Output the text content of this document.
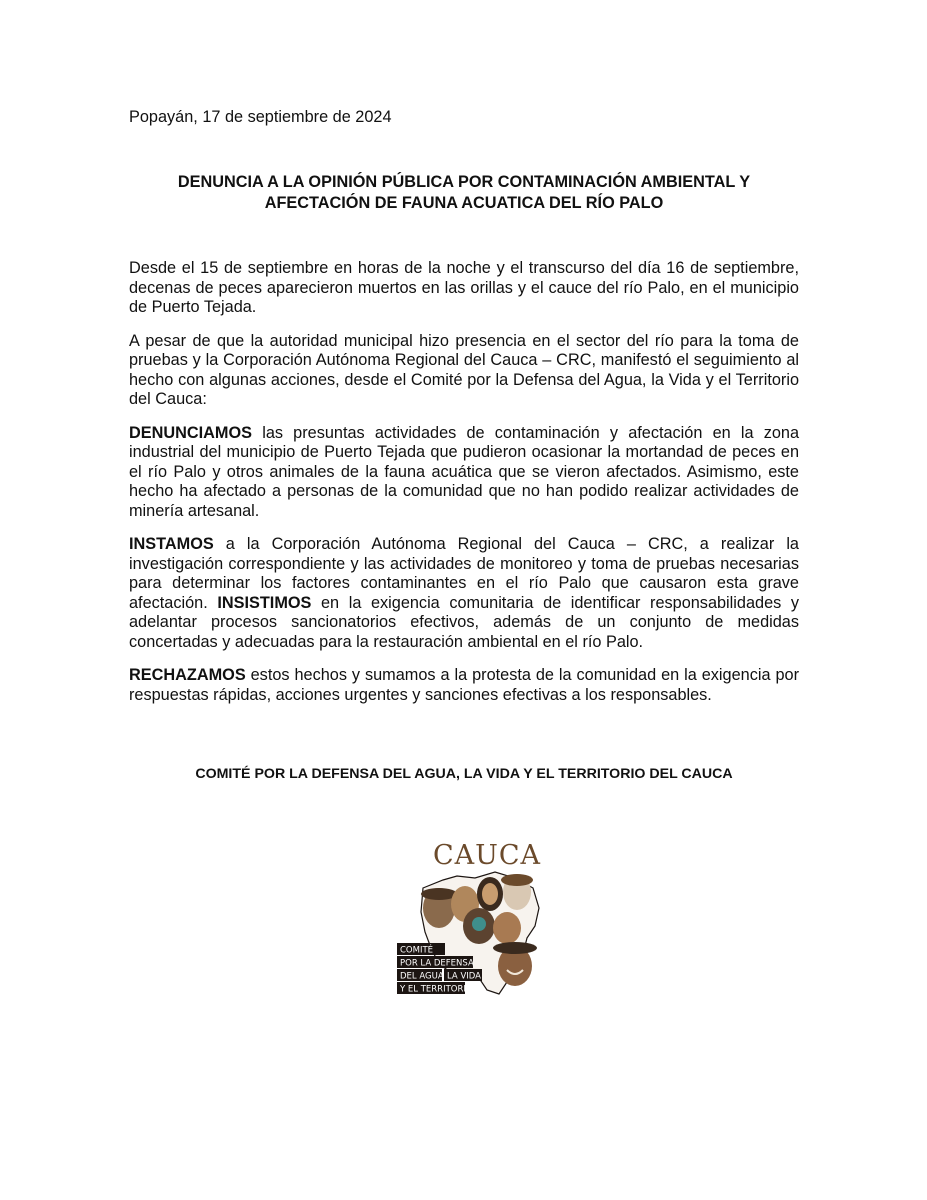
Popayán, 17 de septiembre de 2024
DENUNCIA A LA OPINIÓN PÚBLICA POR CONTAMINACIÓN AMBIENTAL Y
AFECTACIÓN DE FAUNA ACUATICA DEL RÍO PALO

Desde el 15 de septiembre en horas de la noche y el transcurso del día 16 de septiembre, decenas de peces aparecieron muertos en las orillas y el cauce del río Palo, en el municipio de Puerto Tejada.

A pesar de que la autoridad municipal hizo presencia en el sector del río para la toma de pruebas y la Corporación Autónoma Regional del Cauca – CRC, manifestó el seguimiento al hecho con algunas acciones, desde el Comité por la Defensa del Agua, la Vida y el Territorio del Cauca:

DENUNCIAMOS las presuntas actividades de contaminación y afectación en la zona industrial del municipio de Puerto Tejada que pudieron ocasionar la mortandad de peces en el río Palo y otros animales de la fauna acuática que se vieron afectados. Asimismo, este hecho ha afectado a personas de la comunidad que no han podido realizar actividades de minería artesanal.

INSTAMOS a la Corporación Autónoma Regional del Cauca – CRC, a realizar la investigación correspondiente y las actividades de monitoreo y toma de pruebas necesarias para determinar los factores contaminantes en el río Palo que causaron esta grave afectación. INSISTIMOS en la exigencia comunitaria de identificar responsabilidades y adelantar procesos sancionatorios efectivos, además de un conjunto de medidas concertadas y adecuadas para la restauración ambiental en el río Palo.

RECHAZAMOS estos hechos y sumamos a la protesta de la comunidad en la exigencia por respuestas rápidas, acciones urgentes y sanciones efectivas a los responsables.

COMITÉ POR LA DEFENSA DEL AGUA, LA VIDA Y EL TERRITORIO DEL CAUCA
CAUCA
COMITÉ
POR LA DEFENSA
DEL AGUA LA VIDA
Y EL TERRITORIO
